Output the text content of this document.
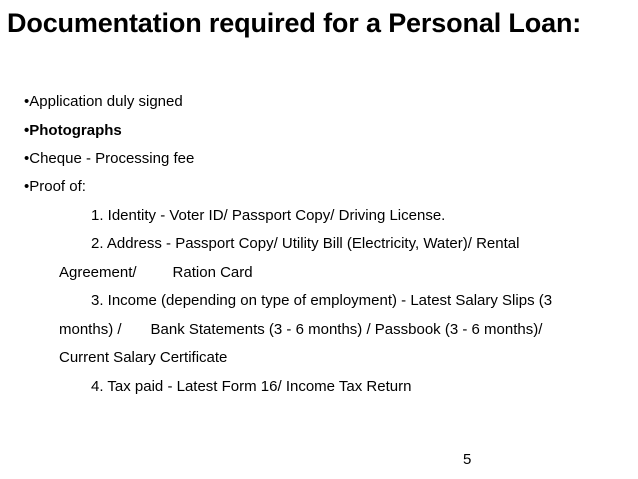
Documentation required for a Personal Loan:
•Application duly signed
•Photographs
•Cheque - Processing fee
•Proof of:
1. Identity - Voter ID/ Passport Copy/ Driving License.
2. Address - Passport Copy/ Utility Bill (Electricity, Water)/ Rental
Agreement/ Ration Card
3. Income (depending on type of employment) - Latest Salary Slips (3
months) / Bank Statements (3 - 6 months) / Passbook (3 - 6 months)/
Current Salary Certificate
4. Tax paid - Latest Form 16/ Income Tax Return
5
